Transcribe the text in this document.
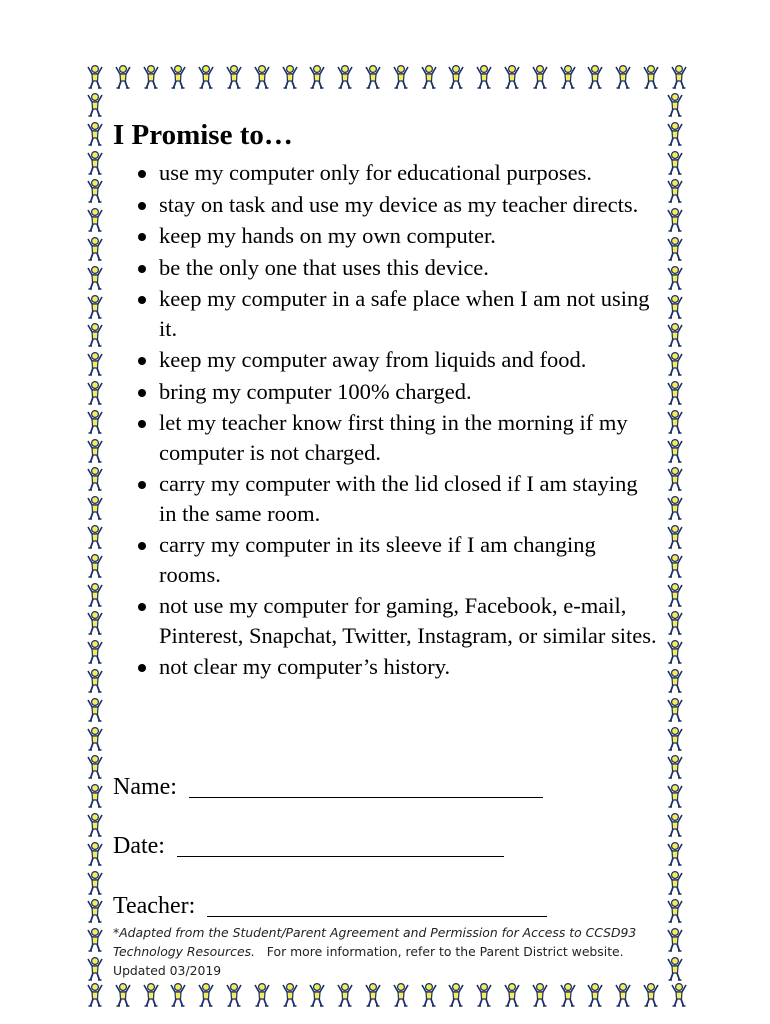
I Promise to…
use my computer only for educational purposes.
stay on task and use my device as my teacher directs.
keep my hands on my own computer.
be the only one that uses this device.
keep my computer in a safe place when I am not using it.
keep my computer away from liquids and food.
bring my computer 100% charged.
let my teacher know first thing in the morning if my computer is not charged.
carry my computer with the lid closed if I am staying in the same room.
carry my computer in its sleeve if I am changing rooms.
not use my computer for gaming, Facebook, e-mail, Pinterest, Snapchat, Twitter, Instagram, or similar sites.
not clear my computer’s history.
Name:
Date:
Teacher:
*Adapted from the Student/Parent Agreement and Permission for Access to CCSD93 Technology Resources. For more information, refer to the Parent District website.
Updated 03/2019
